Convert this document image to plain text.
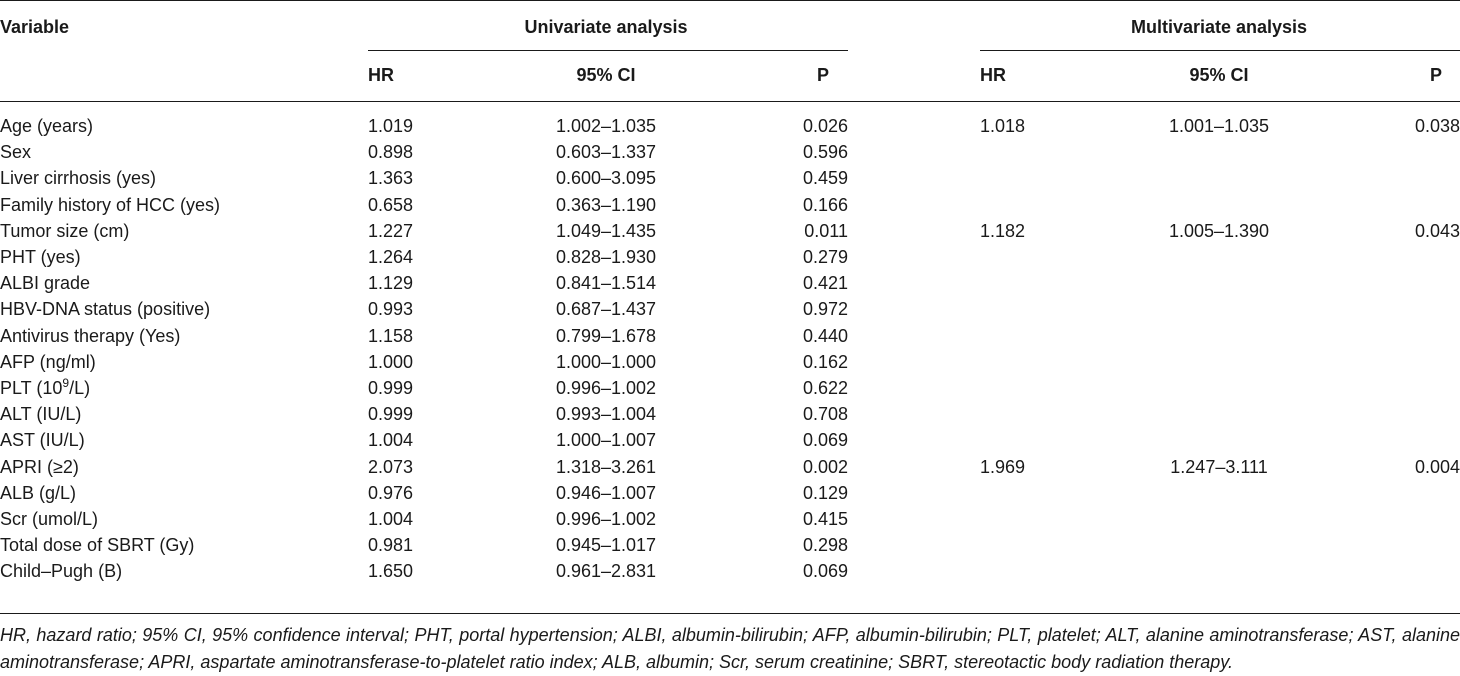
Variable	Univariate analysis	Multivariate analysis
HR	95% CI	P	HR	95% CI	P
Age (years)	1.019	1.002–1.035	0.026	1.018	1.001–1.035	0.038
Sex	0.898	0.603–1.337	0.596
Liver cirrhosis (yes)	1.363	0.600–3.095	0.459
Family history of HCC (yes)	0.658	0.363–1.190	0.166
Tumor size (cm)	1.227	1.049–1.435	0.011	1.182	1.005–1.390	0.043
PHT (yes)	1.264	0.828–1.930	0.279
ALBI grade	1.129	0.841–1.514	0.421
HBV-DNA status (positive)	0.993	0.687–1.437	0.972
Antivirus therapy (Yes)	1.158	0.799–1.678	0.440
AFP (ng/ml)	1.000	1.000–1.000	0.162
PLT $(10^9/L)$	0.999	0.996–1.002	0.622
ALT (IU/L)	0.999	0.993–1.004	0.708
AST (IU/L)	1.004	1.000–1.007	0.069
APRI (≥2)	2.073	1.318–3.261	0.002	1.969	1.247–3.111	0.004
ALB (g/L)	0.976	0.946–1.007	0.129
Scr (umol/L)	1.004	0.996–1.002	0.415
Total dose of SBRT (Gy)	0.981	0.945–1.017	0.298
Child–Pugh (B)	1.650	0.961–2.831	0.069
HR, hazard ratio; 95% CI, 95% confidence interval; PHT, portal hypertension; ALBI, albumin-bilirubin; AFP, albumin-bilirubin; PLT, platelet; ALT, alanine aminotransferase; AST, alanine aminotransferase; APRI, aspartate aminotransferase-to-platelet ratio index; ALB, albumin; Scr, serum creatinine; SBRT, stereotactic body radiation therapy.
